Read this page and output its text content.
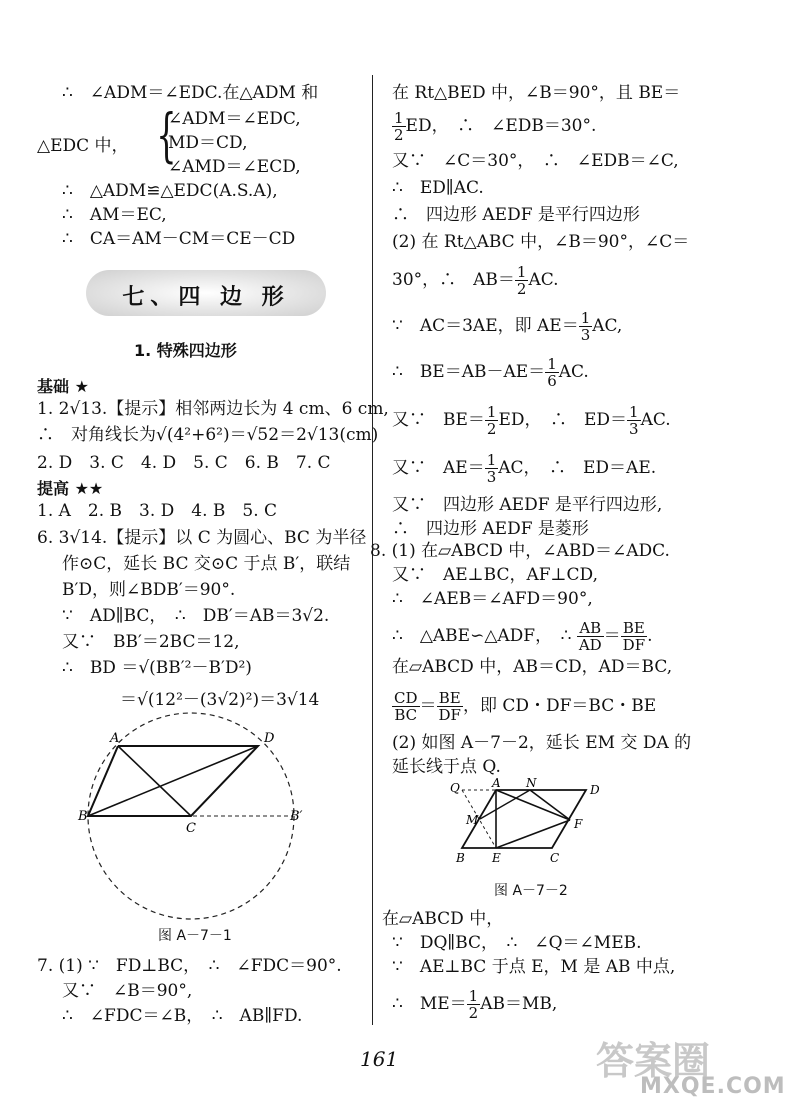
∴　∠ADM＝∠EDC.在△ADM 和
△EDC 中， {
∠ADM＝∠EDC,
MD＝CD,
∠AMD＝∠ECD,
∴　△ADM≌△EDC(A.S.A),
∴　AM＝EC,
∴　CA＝AM－CM＝CE－CD
七、四 边 形
1. 特殊四边形
基础 ★
1. 2√13.【提示】相邻两边长为 4 cm、6 cm,
∴　对角线长为√(4²+6²)＝√52＝2√13(cm)
2. D　3. C　4. D　5. C　6. B　7. C
提高 ★★
1. A　2. B　3. D　4. B　5. C
6. 3√14.【提示】以 C 为圆心、BC 为半径
作⊙C，延长 BC 交⊙C 于点 B′，联结
B′D，则∠BDB′＝90°.
∵　AD∥BC，　∴　DB′＝AB＝3√2.
又∵　BB′＝2BC＝12,
∴　BD ＝√(BB′²－B′D²)
＝√(12²－(3√2)²)＝3√14
A	D
B
C
B′
图 A－7－1
7. (1) ∵　FD⊥BC，　∴　∠FDC＝90°.
又∵　∠B＝90°,
∴　∠FDC＝∠B，　∴　AB∥FD.
在 Rt△BED 中，∠B＝90°，且 BE＝
$\frac{1}{2}$ ED，　∴　∠EDB＝30°.
又∵　∠C＝30°，　∴　∠EDB＝∠C,
∴　ED∥AC.
∴　四边形 AEDF 是平行四边形
(2) 在 Rt△ABC 中，∠B＝90°，∠C＝
30°，∴　$AB= \frac{1}{2}$ AC.
∵　AC＝3AE，即 $AE= \frac{1}{3}$ AC,
∴　$BE=AB-AE= \frac{1}{6}$ AC.
又∵　$BE= \frac{1}{2}$ ED，　∴　$ED= \frac{1}{3}$ AC.
又∵　$AE= \frac{1}{3}$ AC，　∴　ED＝AE.
又∵　四边形 AEDF 是平行四边形,
∴　四边形 AEDF 是菱形
8. (1) 在▱ABCD 中，∠ABD＝∠ADC.
又∵　AE⊥BC，AF⊥CD,
∴　∠AEB＝∠AFD＝90°,
∴　△ABE∽△ADF，　∴ $\frac{AB}{AD} = \frac{BE}{DF}$ .
在▱ABCD 中，AB＝CD，AD＝BC,
$\frac{CD}{BC} = \frac{BE}{DF}$ ，即 CD・DF＝BC・BE
(2) 如图 A－7－2，延长 EM 交 DA 的
延长线于点 Q.
Q	A N	D
M	F
B E	C
图 A－7－2
在▱ABCD 中，
∵　DQ∥BC，　∴　∠Q＝∠MEB.
∵　AE⊥BC 于点 E，M 是 AB 中点,
∴　$ME= \frac{1}{2} AB=MB$,
161	答案圈
MXQE.COM
